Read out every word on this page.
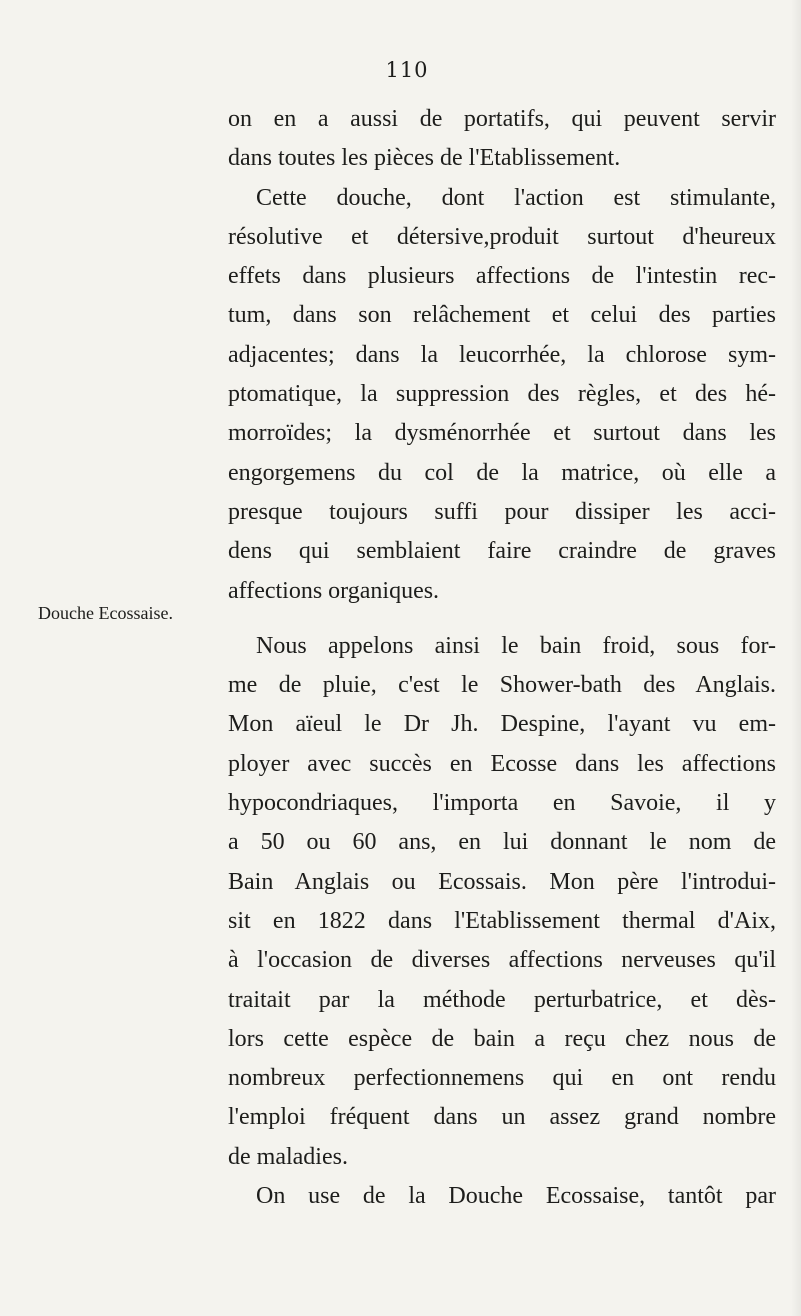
110
Douche Ecossaise.
on en a aussi de portatifs, qui peuvent servir
dans toutes les pièces de l'Etablissement.
Cette douche, dont l'action est stimulante,
résolutive et détersive,produit surtout d'heureux
effets dans plusieurs affections de l'intestin rec-
tum, dans son relâchement et celui des parties
adjacentes; dans la leucorrhée, la chlorose sym-
ptomatique, la suppression des règles, et des hé-
morroïdes; la dysménorrhée et surtout dans les
engorgemens du col de la matrice, où elle a
presque toujours suffi pour dissiper les acci-
dens qui semblaient faire craindre de graves
affections organiques.
Nous appelons ainsi le bain froid, sous for-
me de pluie, c'est le Shower-bath des Anglais.
Mon aïeul le Dr Jh. Despine, l'ayant vu em-
ployer avec succès en Ecosse dans les affections
hypocondriaques, l'importa en Savoie, il y
a 50 ou 60 ans, en lui donnant le nom de
Bain Anglais ou Ecossais. Mon père l'introdui-
sit en 1822 dans l'Etablissement thermal d'Aix,
à l'occasion de diverses affections nerveuses qu'il
traitait par la méthode perturbatrice, et dès-
lors cette espèce de bain a reçu chez nous de
nombreux perfectionnemens qui en ont rendu
l'emploi fréquent dans un assez grand nombre
de maladies.
On use de la Douche Ecossaise, tantôt par
